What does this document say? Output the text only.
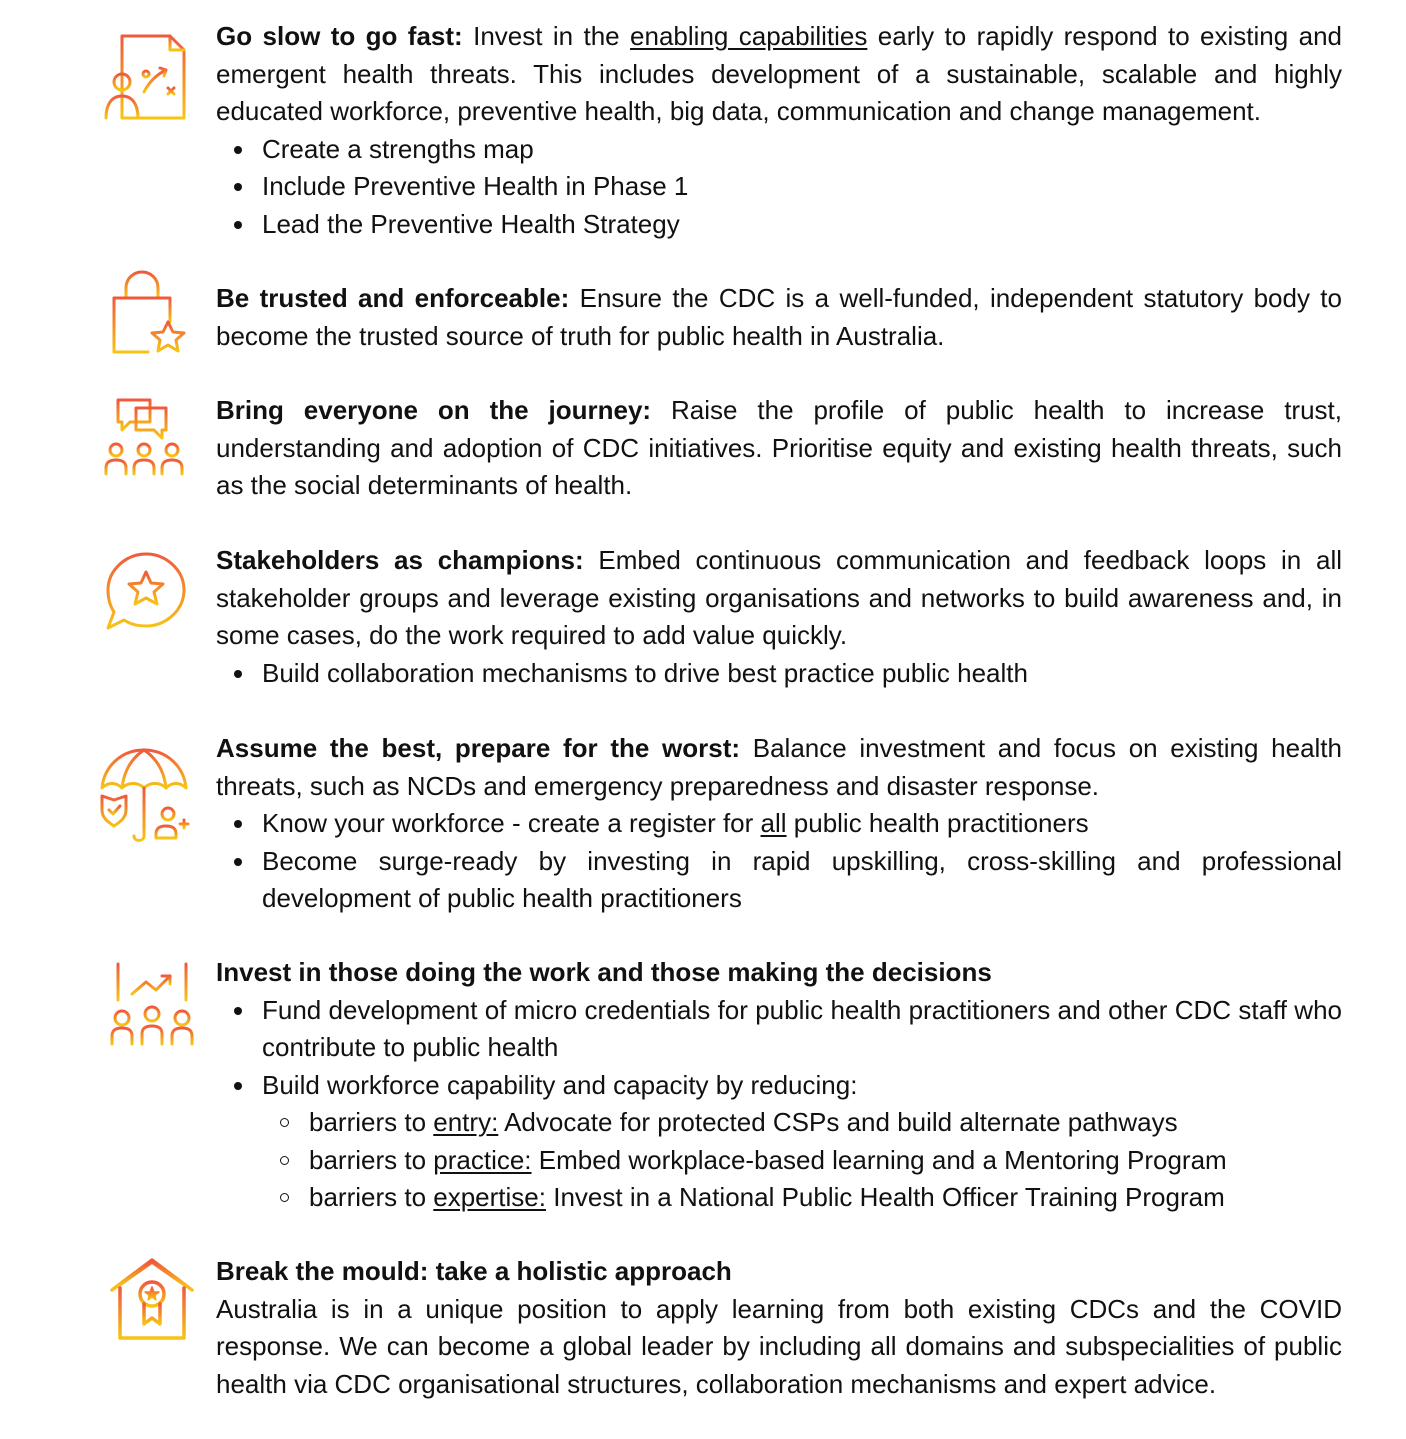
Go slow to go fast: Invest in the enabling capabilities early to rapidly respond to existing and emergent health threats. This includes development of a sustainable, scalable and highly educated workforce, preventive health, big data, communication and change management.

Create a strengths map
Include Preventive Health in Phase 1
Lead the Preventive Health Strategy

Be trusted and enforceable: Ensure the CDC is a well-funded, independent statutory body to become the trusted source of truth for public health in Australia.

Bring everyone on the journey: Raise the profile of public health to increase trust, understanding and adoption of CDC initiatives. Prioritise equity and existing health threats, such as the social determinants of health.

Stakeholders as champions: Embed continuous communication and feedback loops in all stakeholder groups and leverage existing organisations and networks to build awareness and, in some cases, do the work required to add value quickly.

Build collaboration mechanisms to drive best practice public health

Assume the best, prepare for the worst: Balance investment and focus on existing health threats, such as NCDs and emergency preparedness and disaster response.

Know your workforce - create a register for all public health practitioners
Become surge-ready by investing in rapid upskilling, cross-skilling and professional development of public health practitioners

Invest in those doing the work and those making the decisions

Fund development of micro credentials for public health practitioners and other CDC staff who contribute to public health
Build workforce capability and capacity by reducing:
barriers to entry: Advocate for protected CSPs and build alternate pathways
barriers to practice: Embed workplace-based learning and a Mentoring Program
barriers to expertise: Invest in a National Public Health Officer Training Program

Break the mould: take a holistic approach

Australia is in a unique position to apply learning from both existing CDCs and the COVID response. We can become a global leader by including all domains and subspecialities of public health via CDC organisational structures, collaboration mechanisms and expert advice.
